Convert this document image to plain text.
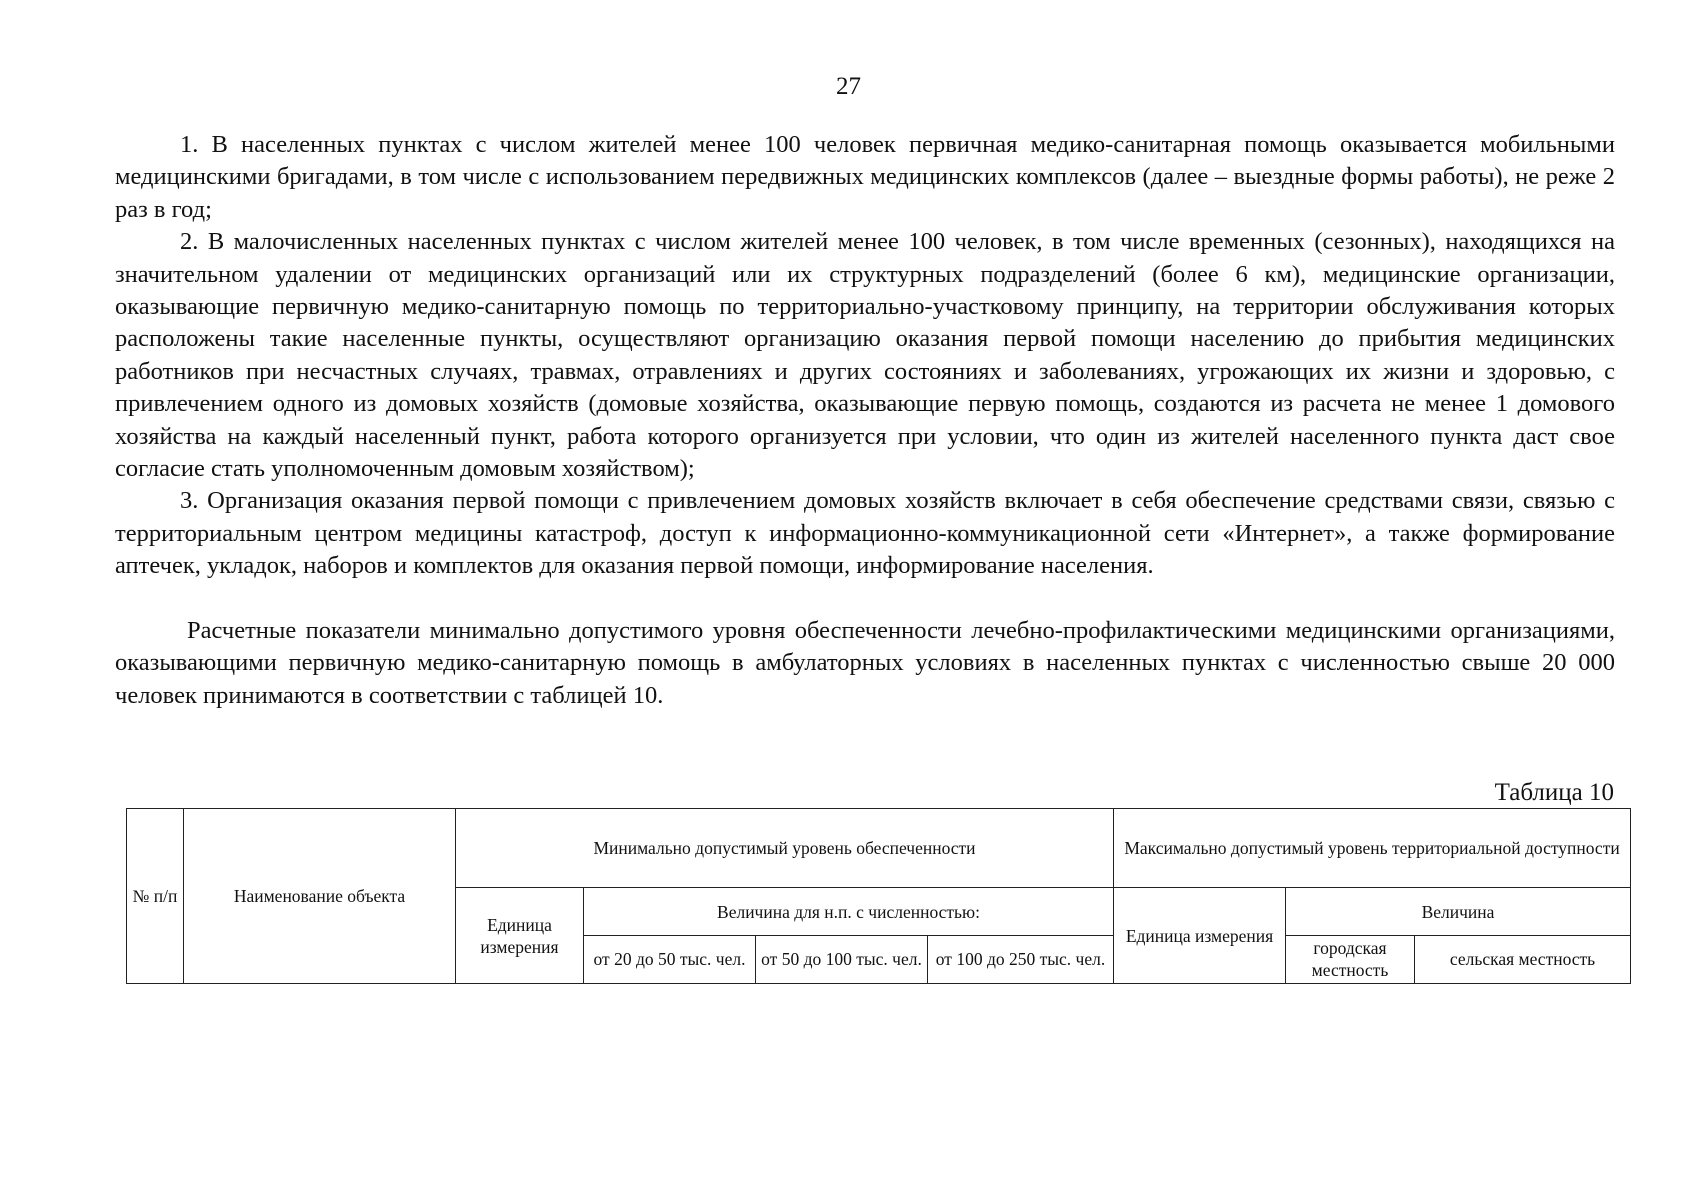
27

1. В населенных пунктах с числом жителей менее 100 человек первичная медико-санитарная помощь оказывается мобильными медицинскими бригадами, в том числе с использованием передвижных медицинских комплексов (далее – выездные формы работы), не реже 2 раз в год;

2. В малочисленных населенных пунктах с числом жителей менее 100 человек, в том числе временных (сезонных), находящихся на значительном удалении от медицинских организаций или их структурных подразделений (более 6 км), медицинские организации, оказывающие первичную медико-санитарную помощь по территориально-участковому принципу, на территории обслуживания которых расположены такие населенные пункты, осуществляют организацию оказания первой помощи населению до прибытия медицинских работников при несчастных случаях, травмах, отравлениях и других состояниях и заболеваниях, угрожающих их жизни и здоровью, с привлечением одного из домовых хозяйств (домовые хозяйства, оказывающие первую помощь, создаются из расчета не менее 1 домового хозяйства на каждый населенный пункт, работа которого организуется при условии, что один из жителей населенного пункта даст свое согласие стать уполномоченным домовым хозяйством);

3. Организация оказания первой помощи с привлечением домовых хозяйств включает в себя обеспечение средствами связи, связью с территориальным центром медицины катастроф, доступ к информационно-коммуникационной сети «Интернет», а также формирование аптечек, укладок, наборов и комплектов для оказания первой помощи, информирование населения.

Расчетные показатели минимально допустимого уровня обеспеченности лечебно-профилактическими медицинскими организациями, оказывающими первичную медико-санитарную помощь в амбулаторных условиях в населенных пунктах с численностью свыше 20 000 человек принимаются в соответствии с таблицей 10.

Таблица 10
№ п/п	Наименование объекта	Минимально допустимый уровень обеспеченности				Максимально допустимый уровень территориальной доступности		
		Единица измерения	Величина для н.п. с численностью:			Единица измерения	Величина	
			от 20 до 50 тыс. чел.	от 50 до 100 тыс. чел.	от 100 до 250 тыс. чел.		городская местность	сельская местность
